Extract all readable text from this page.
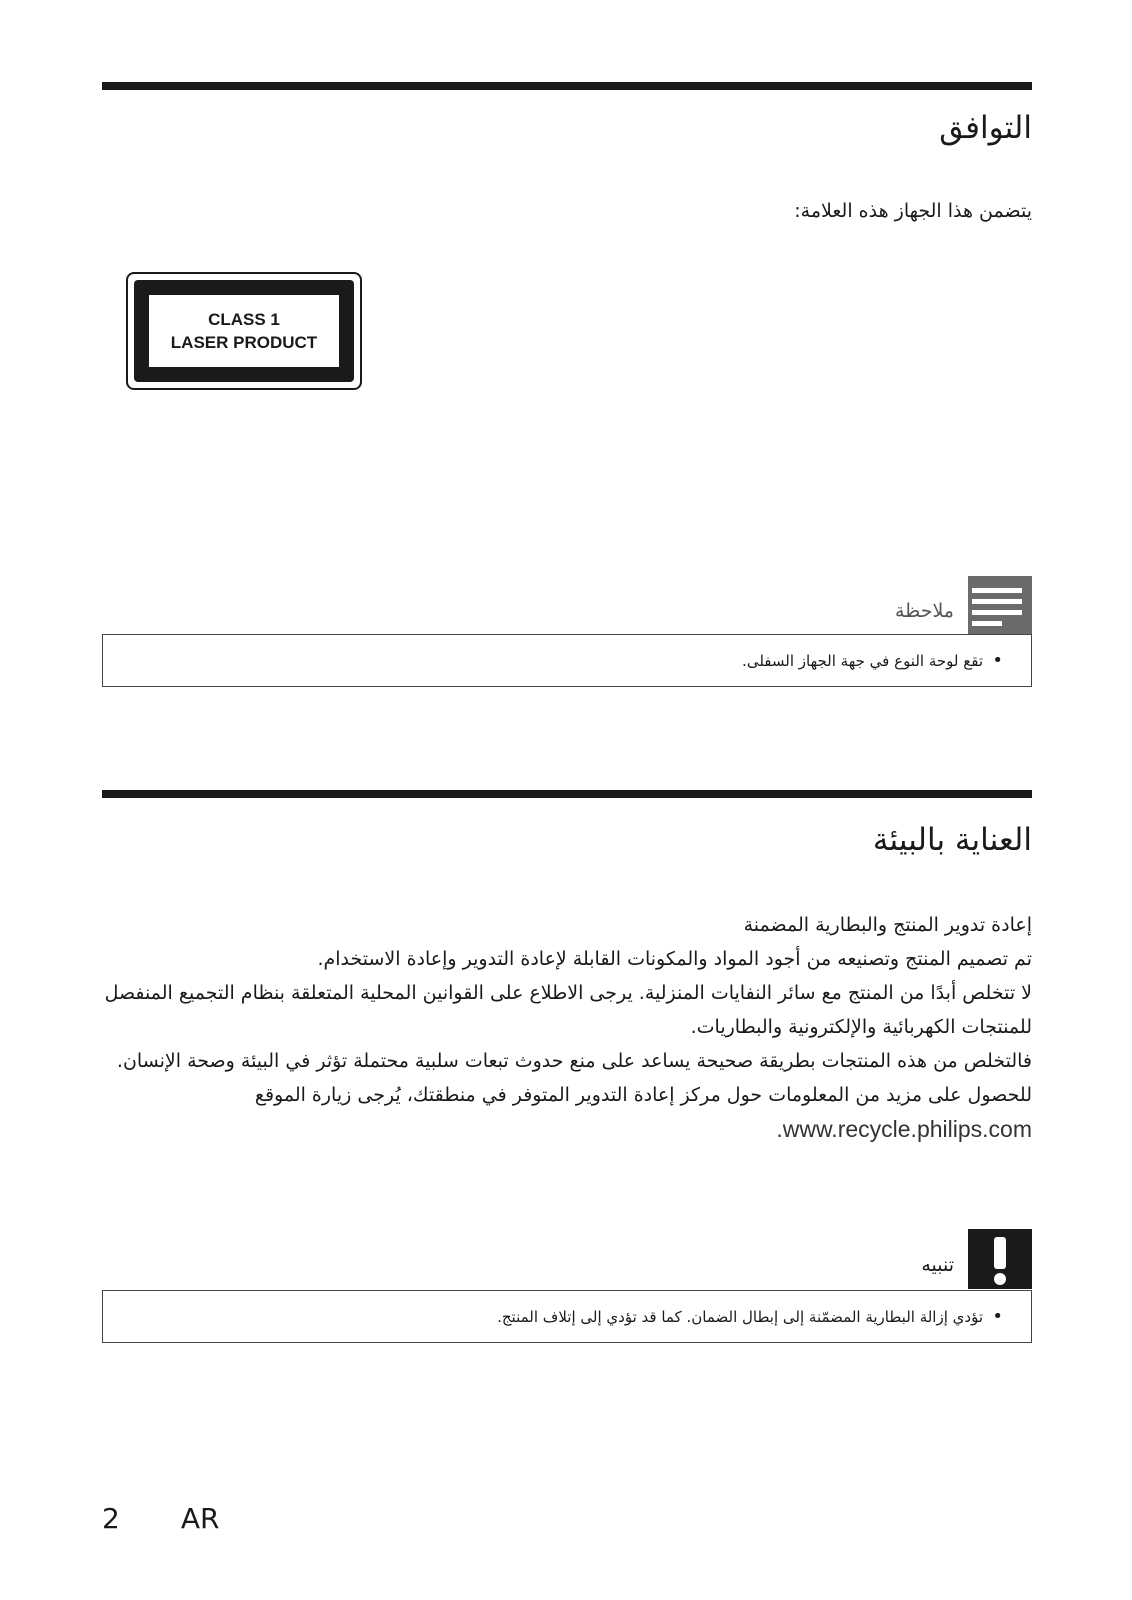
التوافق

يتضمن هذا الجهاز هذه العلامة:

CLASS 1
LASER PRODUCT
ملاحظة
• تقع لوحة النوع في جهة الجهاز السفلى.
العناية بالبيئة
إعادة تدوير المنتج والبطارية المضمنة
تم تصميم المنتج وتصنيعه من أجود المواد والمكونات القابلة لإعادة التدوير وإعادة الاستخدام.
لا تتخلص أبدًا من المنتج مع سائر النفايات المنزلية. يرجى الاطلاع على القوانين المحلية المتعلقة بنظام التجميع المنفصل للمنتجات الكهربائية والإلكترونية والبطاريات.
فالتخلص من هذه المنتجات بطريقة صحيحة يساعد على منع حدوث تبعات سلبية محتملة تؤثر في البيئة وصحة الإنسان.
للحصول على مزيد من المعلومات حول مركز إعادة التدوير المتوفر في منطقتك، يُرجى زيارة الموقع
.www.recycle.philips.com
تنبيه
• تؤدي إزالة البطارية المضمّنة إلى إبطال الضمان. كما قد تؤدي إلى إتلاف المنتج.
2 AR
